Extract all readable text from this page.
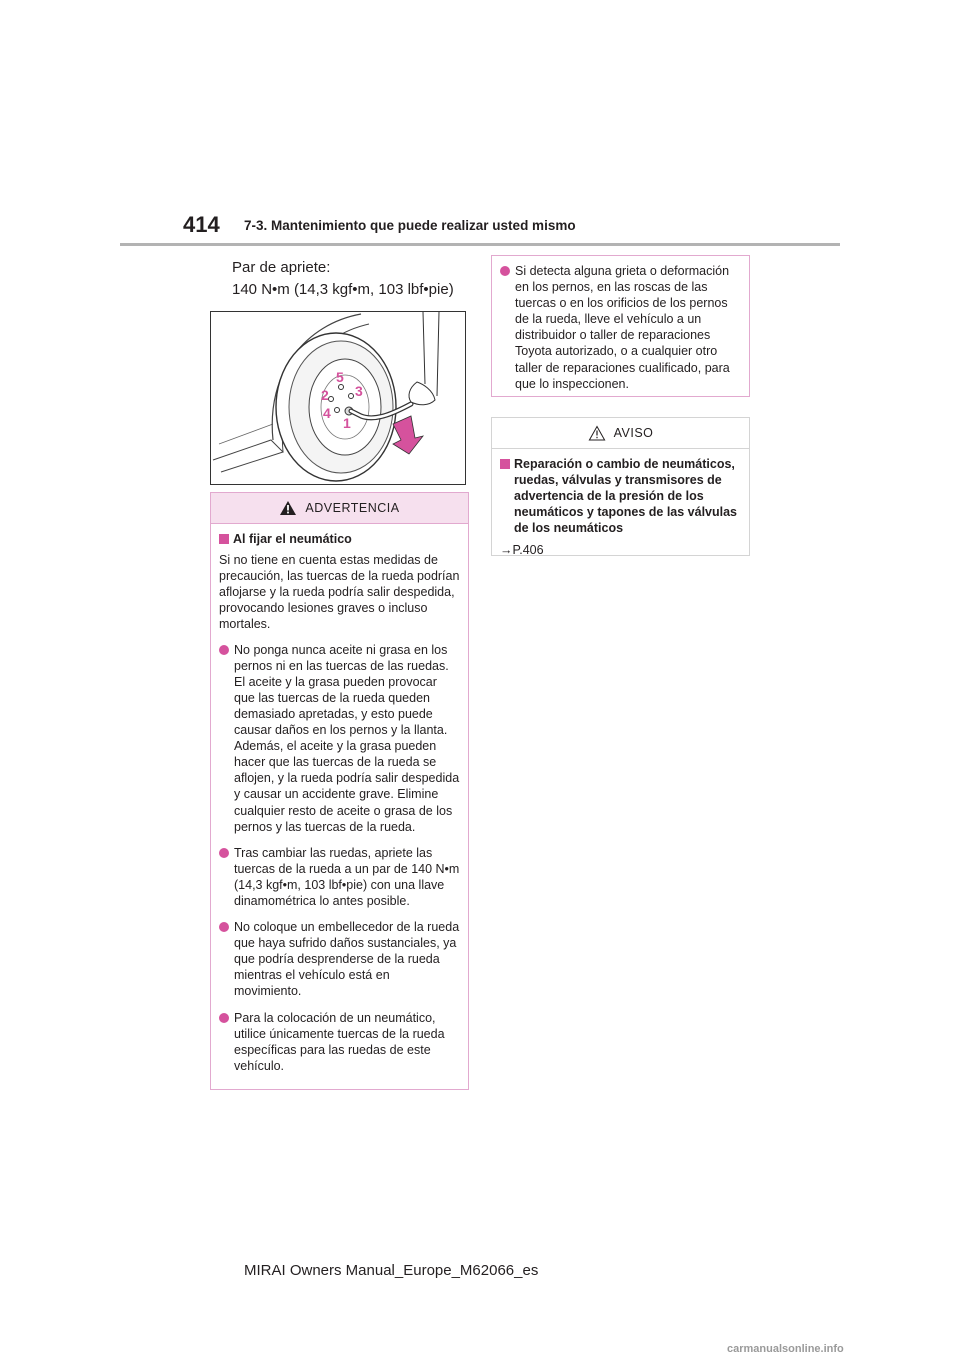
414 7-3. Mantenimiento que puede realizar usted mismo
Par de apriete:
140 N•m (14,3 kgf•m, 103 lbf•pie)
5
2 3
4
1
ADVERTENCIA
Al fijar el neumático
Si no tiene en cuenta estas medidas de precaución, las tuercas de la rueda podrían aflojarse y la rueda podría salir despedida, provocando lesiones graves o incluso mortales.
No ponga nunca aceite ni grasa en los pernos ni en las tuercas de las ruedas. El aceite y la grasa pueden provocar que las tuercas de la rueda queden demasiado apretadas, y esto puede causar daños en los pernos y la llanta. Además, el aceite y la grasa pueden hacer que las tuercas de la rueda se aflojen, y la rueda podría salir despedida y causar un accidente grave. Elimine cualquier resto de aceite o grasa de los pernos y las tuercas de la rueda.
Tras cambiar las ruedas, apriete las tuercas de la rueda a un par de 140 N•m (14,3 kgf•m, 103 lbf•pie) con una llave dinamométrica lo antes posible.
No coloque un embellecedor de la rueda que haya sufrido daños sustanciales, ya que podría desprenderse de la rueda mientras el vehículo está en movimiento.
Para la colocación de un neumático, utilice únicamente tuercas de la rueda específicas para las ruedas de este vehículo.
Si detecta alguna grieta o deformación en los pernos, en las roscas de las tuercas o en los orificios de los pernos de la rueda, lleve el vehículo a un distribuidor o taller de reparaciones Toyota autorizado, o a cualquier otro taller de reparaciones cualificado, para que lo inspeccionen.
AVISO
Reparación o cambio de neumáticos, ruedas, válvulas y transmisores de advertencia de la presión de los neumáticos y tapones de las válvulas de los neumáticos
→P.406
MIRAI Owners Manual_Europe_M62066_es
carmanualsonline.info
